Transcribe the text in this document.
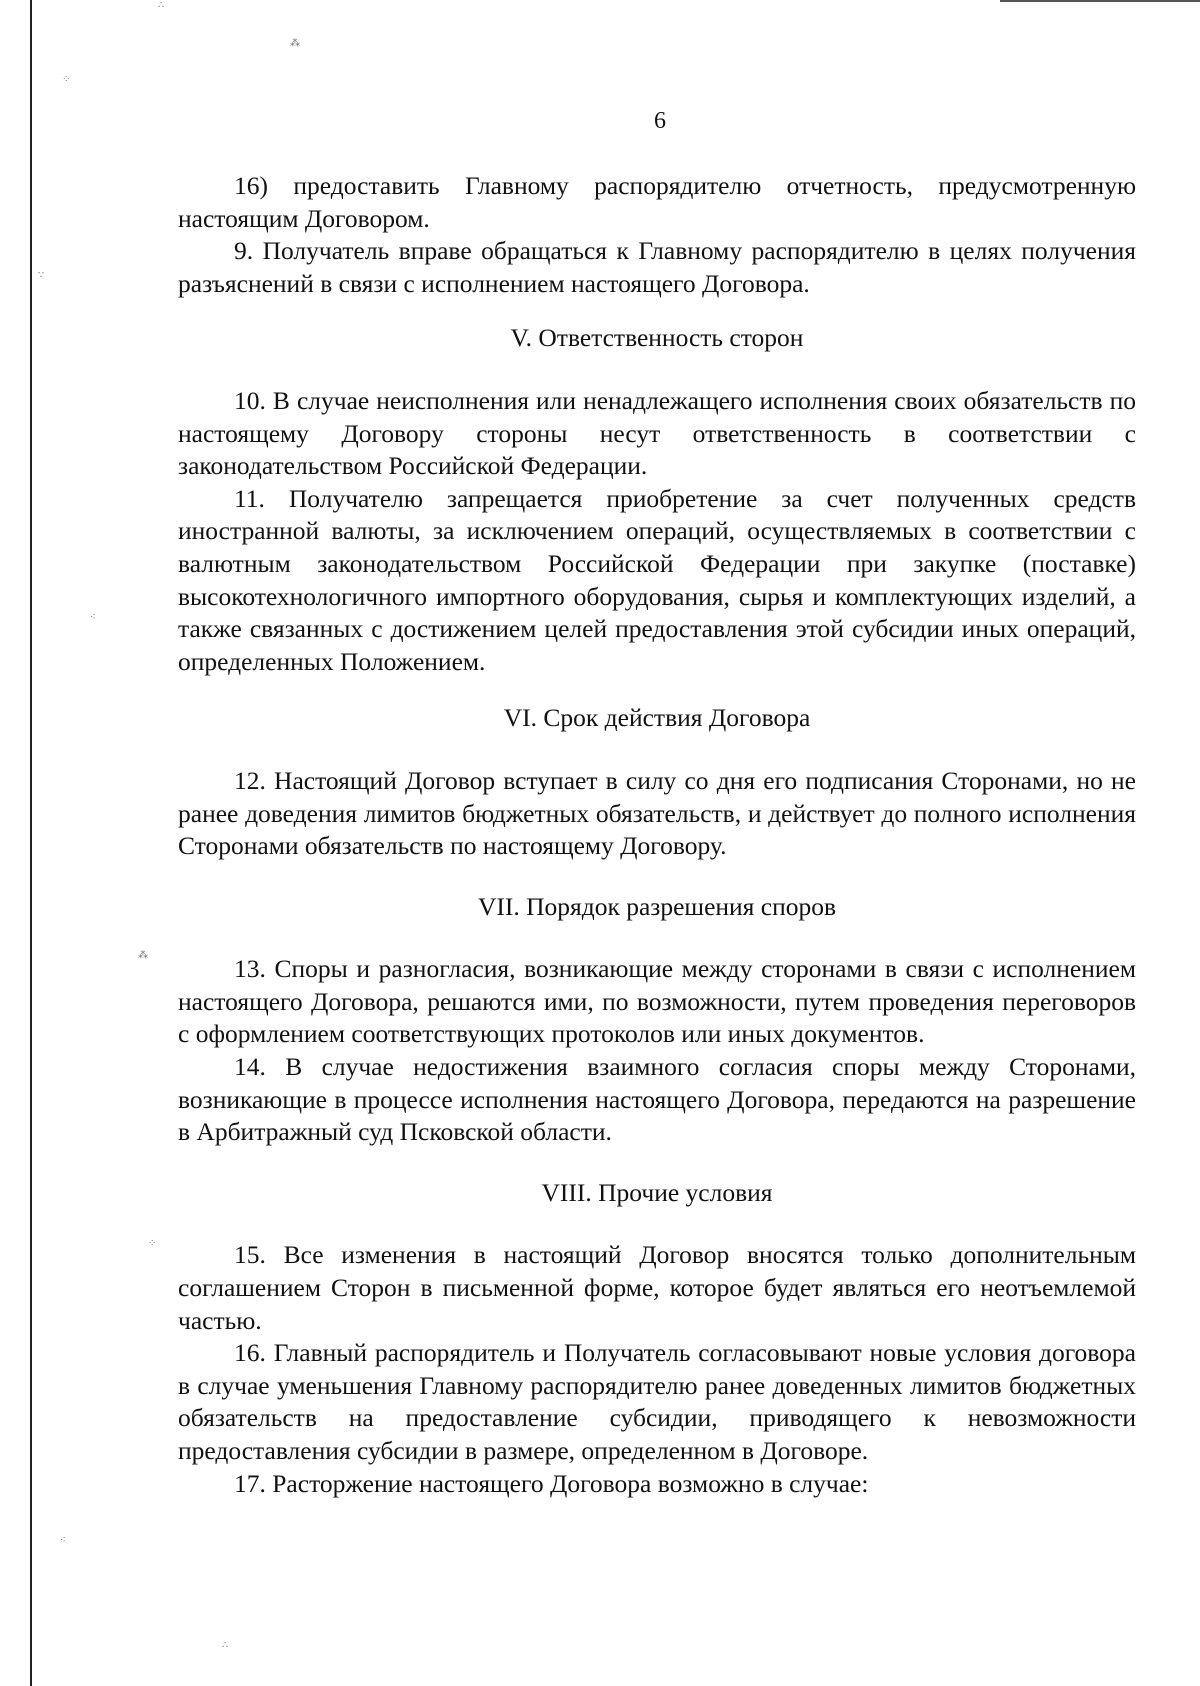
∴
⁂
⁘
∵
⁖
⁂
⁘
⁖
∴
6

16) предоставить Главному распорядителю отчетность, предусмотренную настоящим Договором.

9. Получатель вправе обращаться к Главному распорядителю в целях получения разъяснений в связи с исполнением настоящего Договора.

V. Ответственность сторон

10. В случае неисполнения или ненадлежащего исполнения своих обязательств по настоящему Договору стороны несут ответственность в соответствии с законодательством Российской Федерации.

11. Получателю запрещается приобретение за счет полученных средств иностранной валюты, за исключением операций, осуществляемых в соответствии с валютным законодательством Российской Федерации при закупке (поставке) высокотехнологичного импортного оборудования, сырья и комплектующих изделий, а также связанных с достижением целей предоставления этой субсидии иных операций, определенных Положением.

VI. Срок действия Договора

12. Настоящий Договор вступает в силу со дня его подписания Сторонами, но не ранее доведения лимитов бюджетных обязательств, и действует до полного исполнения Сторонами обязательств по настоящему Договору.

VII. Порядок разрешения споров

13. Споры и разногласия, возникающие между сторонами в связи с исполнением настоящего Договора, решаются ими, по возможности, путем проведения переговоров с оформлением соответствующих протоколов или иных документов.

14. В случае недостижения взаимного согласия споры между Сторонами, возникающие в процессе исполнения настоящего Договора, передаются на разрешение в Арбитражный суд Псковской области.

VIII. Прочие условия

15. Все изменения в настоящий Договор вносятся только дополнительным соглашением Сторон в письменной форме, которое будет являться его неотъемлемой частью.

16. Главный распорядитель и Получатель согласовывают новые условия договора в случае уменьшения Главному распорядителю ранее доведенных лимитов бюджетных обязательств на предоставление субсидии, приводящего к невозможности предоставления субсидии в размере, определенном в Договоре.

17. Расторжение настоящего Договора возможно в случае:
